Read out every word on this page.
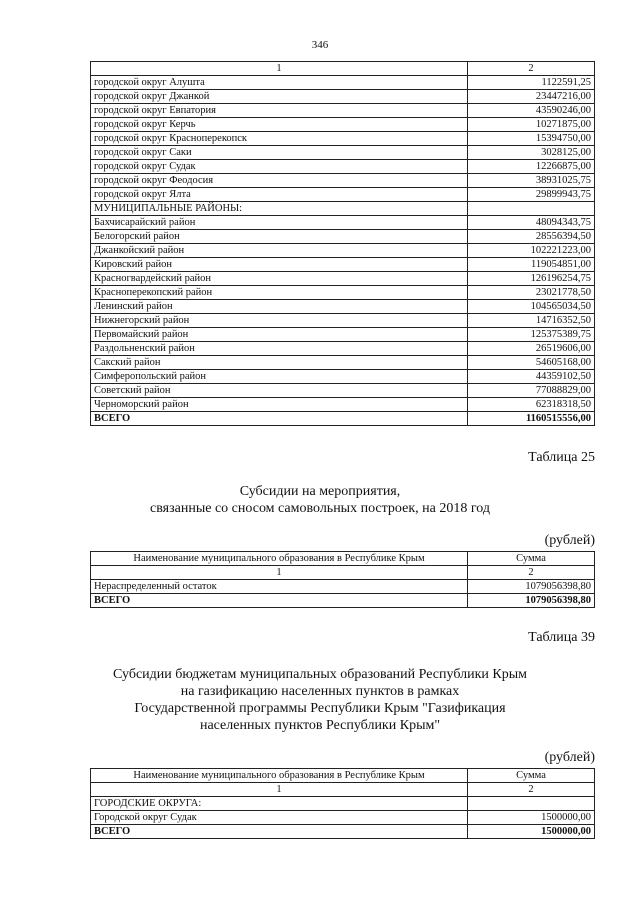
346
1	2
городской округ Алушта	1122591,25
городской округ Джанкой	23447216,00
городской округ Евпатория	43590246,00
городской округ Керчь	10271875,00
городской округ Красноперекопск	15394750,00
городской округ Саки	3028125,00
городской округ Судак	12266875,00
городской округ Феодосия	38931025,75
городской округ Ялта	29899943,75
МУНИЦИПАЛЬНЫЕ РАЙОНЫ:	
Бахчисарайский район	48094343,75
Белогорский район	28556394,50
Джанкойский район	102221223,00
Кировский район	119054851,00
Красногвардейский район	126196254,75
Красноперекопский район	23021778,50
Ленинский район	104565034,50
Нижнегорский район	14716352,50
Первомайский район	125375389,75
Раздольненский район	26519606,00
Сакский район	54605168,00
Симферопольский район	44359102,50
Советский район	77088829,00
Черноморский район	62318318,50
ВСЕГО	1160515556,00
Таблица 25
Субсидии на мероприятия,
связанные со сносом самовольных построек, на 2018 год
(рублей)
Наименование муниципального образования в Республике Крым	Сумма
1	2
Нераспределенный остаток	1079056398,80
ВСЕГО	1079056398,80
Таблица 39
Субсидии бюджетам муниципальных образований Республики Крым
на газификацию населенных пунктов в рамках
Государственной программы Республики Крым "Газификация
населенных пунктов Республики Крым"
(рублей)
Наименование муниципального образования в Республике Крым	Сумма
1	2
ГОРОДСКИЕ ОКРУГА:	
Городской округ Судак	1500000,00
ВСЕГО	1500000,00
